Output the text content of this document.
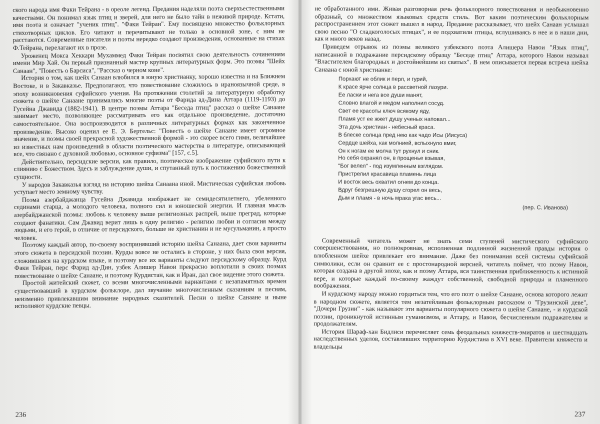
ского народа имя Факи Тейрана - в ореоле легенд. Предания наделяли поэта сверхъестественными качествами. Он понимал язык птиц и зверей, для него не было тайн в неживой природе. Кстати, имя поэта и означает "ученик птиц". "Факи Тейран". Ему посвящено множество фольклорных стихотворных циклов. Его читают и перечитывают не только в основной зоне, с ним не расстаются. Современные писатели и поэты нередко создают произведения, основанные на стихах Ф.Тейрана, перелагают их в прозе.

Уроженец Мокса Хеккари Мухаммед Факи Тейран посвятил свою деятельность сочинениям имени Мир Хай. Он первый признанный мастер крупных литературных форм. Это поэмы "Шейх Санаан", "Повесть о Барсиса", "Рассказ о черном коне".

История о том, как шейх Санаан влюбился в юную христианку, хорошо известна и на Ближнем Востоке, и в Закавказье. Предполагают, что повествование сложилось в ираноязычной среде, в эпоху возникновения суфийского учения. На протяжении столетий за литературную обработку сюжета о шейхе Санаане принимались многие поэты от Фарида ад-Дина Аттара (1119-1193) до Гусейна Джавида (1882-1941). В центре поэмы Аттара "Беседа птиц" рассказ о шейхе Санаане занимает место, позволяющее рассматривать его как отдельное произведение, достаточно самостоятельное. Она воспроизводится в различных литературных формах как законченное произведение. Высоко оценил ее Е. Э. Бертельс: "Повесть о шейхе Санаане имеет огромное значение, и поэмы своей прекрасной художественной формой - это скорее всего гимн, величайшее из известных нам произведений в области поэтического мастерства в литературе, описывающей все, что связано с духовной любовью, основное суфизма" [157, с.5].

Действительно, персидские версии, как правило, поэтическое изображение суфийского пути к слиянию с Божеством. Здесь и заблуждение души, и спутанный путь к постижению божественной сущности.

У народов Закавказья взгляд на историю шейха Санаана иной. Мистическая суфийская любовь уступает место земному чувству.

Поэма азербайджанца Гусейна Джавида изображает не семидесятилетнего, убеленного сединами старца, а молодого человека, полного сил и юношеской энергии. И главная мысль азербайджанской поэмы: любовь к человеку выше религиозных распрей, выше преград, которые создают фанатики. Сам Джавид верит лишь в одну религию - религию любви и согласия между людьми, и его герой, в отличие от персидского, больше не христианин и не мусульманин, а просто человек.

Поэтому каждый автор, по-своему воспринявший историю шейха Санаана, дает свои варианты этого сюжета в персидской поэзии. Курды вовсе не остались в стороне, у них была своя версия, сложившаяся на курдском языке, и поэтому все их варианты следуют персидскому образцу. Курд Факи Тейран, перс Фарид ад-Дин, узбек Алишер Навои прекрасно воплотили в своих поэмах повествование о шейхе Санаане, и поэтому Курдистан, как и Иран, дал свое видение этого сюжета.

Простой житейский сюжет, со всеми многочисленными вариантами с незапамятных времен существовавший в курдском фольклоре, дал звучание многочисленным сказаниям и песням, неизменно привлекавшим внимание народных сказителей. Песни о шейхе Санаане и ныне исполняют курдские певцы.

236

не обработанного ими. Живая разговорная речь фольклорного повествования и необыкновенно образный, со множеством языковых средств стиль. Вот каким поэтическим фольклорным распространением этот сюжет вышел в народ. Предание рассказывает, что шейх Санаан услышал свою песню "О сладкоголосых птицах", и ее подхватили птицы, вслушиваясь в нее и в наши дни, как и много веков назад.

Приведем отрывок из поэмы великого узбекского поэта Алишера Навои "Язык птиц", написанной в подражание персидскому образцу "Беседе птиц" Аттара, которого Навои называл "Властителем благородных и достойнейшим из святых". В нем описывается первая встреча шейха Санаана с юной христианке:

Порхают не облик и перл, и гурий,
К красе ярче солнца в рассветной лазури.
Ее ласки и нега все души манят,
Словно влагой и медом наполнил сосуд.
Свет ее красоты ключ всякому яду,
Пламя уст ее жжет душу ученых наповал...
Эта дочь христиан - небесный краса.
В блеске солнца пред нею как чадо Исы (Иисуса)
Сердце шейха, как молнией, вспыхнуло вмиг,
Он к ногам ее молча тут рухнул и сник.
Но себя охранял он, в прощенье взывая,
"Бог велел" - под изумленным взглядом.
Пристрелил красавица пламень лица
И восток весь охватил огнем до конца.
Вдруг безгрешную душу сгорел он весь,
Дым и пламя - в ночь мрака угас весь...
(пер. С. Иванова)

Современный читатель может не знать семи ступеней мистического суфийского совершенствования, но полнокровная, исполненная подлинной жизненной правды история о влюбленном шейхе привлекает его внимание. Даже без понимания всей системы суфийской символики, если он сравнит ее с простонародной версией, читатель поймет, что поэму Навои, которая создана в другой эпохе, как и поэму Аттара, вся таинственная приближенность к истинной вере, и которые каждый по-своему жаждут собственной, свободной природы и пламенного воображения.

И курдскому народу можно гордиться тем, что его поэт о шейхе Санаане, основа которого лежит в народном сюжете, является тем незатейливым фольклорным рассказом о "Грузинской деве", "Дочери Грузии" - как называют эти варианты популярного сюжета о шейхе Санаане, - и курдской поэзии, проникнутой истинным гуманизмом, и Аттару, и Навои, бесчисленным подражателям и продолжателям.

История Шараф-хан Бидлиси перечисляет семь феодальных княжеств-эмиратов и шестнадцать наследственных уделов, составлявших территорию Курдистана в XVI веке. Правители княжеств и владельцы

237
